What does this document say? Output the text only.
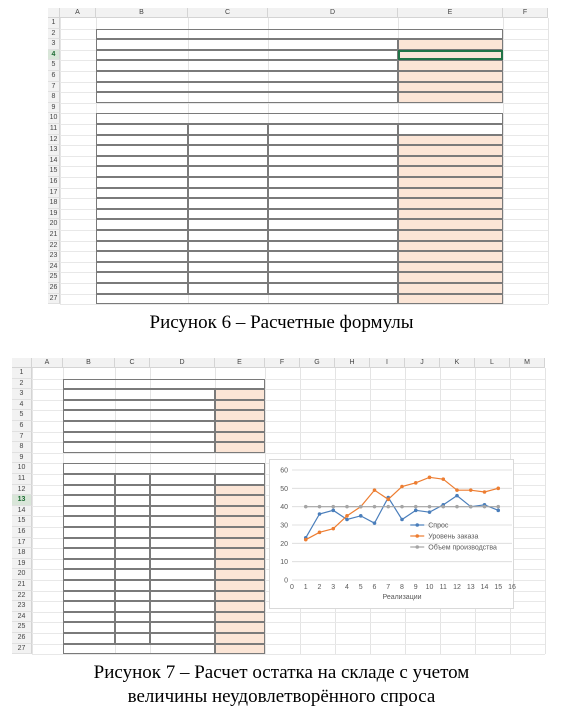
A	B	C	D	E	F
1
2
3
4
5
6
7
8
9
10
11
12
13
14
15
16
17
18
19
20
21
22
23
24
25
26
27
Рисунок 6 – Расчетные формулы
A	B	C	D	E	F	G	H	I	J	K	L	M
1
2
3
4
5
6
7
8
9
10
11
12
13
14
15
16
17
18
19
20
21
22
23
24
25
26
27
0
10
20
30
40
50
60
0 1 2 3 4 5 6 7 8 9 10 11 12 13 14 15 16
Реализации
Спрос
Уровень заказа
Объем производства
Рисунок 7 – Расчет остатка на складе с учетом
величины неудовлетворённого спроса
